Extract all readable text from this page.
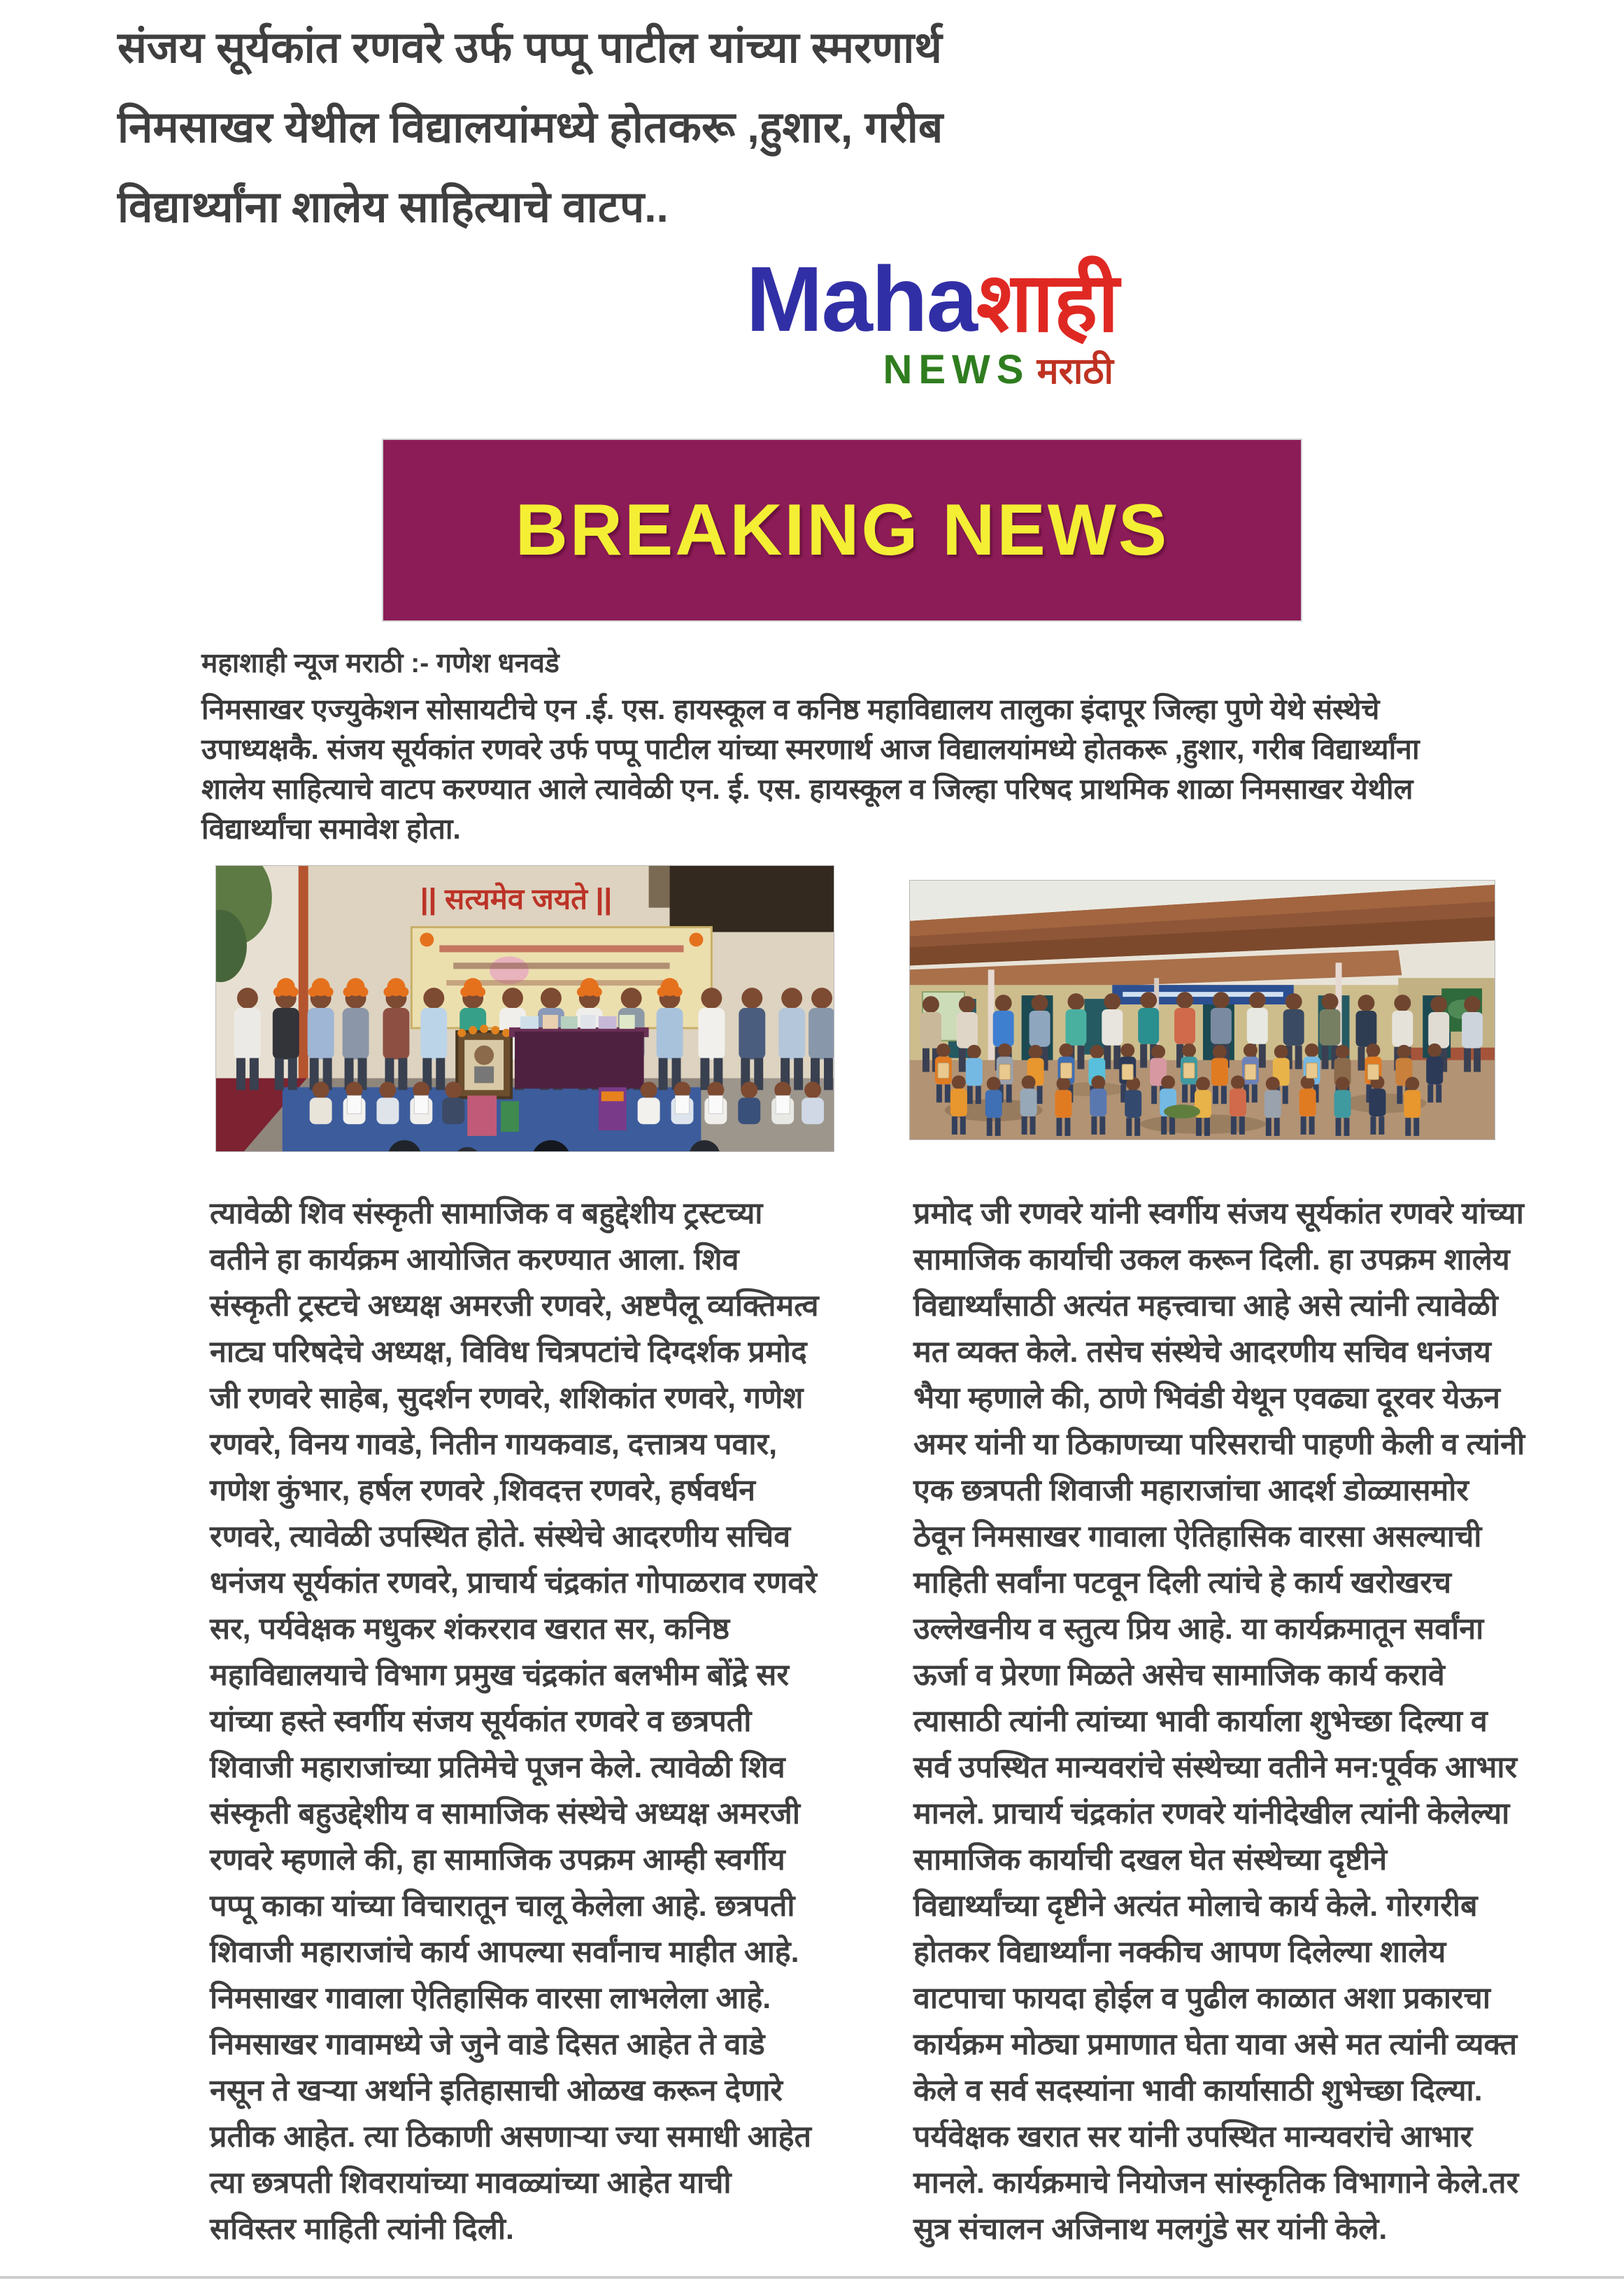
संजय सूर्यकांत रणवरे उर्फ पप्पू पाटील यांच्या स्मरणार्थ
निमसाखर येथील विद्यालयांमध्ये होतकरू ,हुशार, गरीब
विद्यार्थ्यांना शालेय साहित्याचे वाटप..
Mahaशाही
NEWS मराठी
BREAKING NEWS
महाशाही न्यूज मराठी :- गणेश धनवडे
निमसाखर एज्युकेशन सोसायटीचे एन .ई. एस. हायस्कूल व कनिष्ठ महाविद्यालय तालुका इंदापूर जिल्हा पुणे येथे संस्थेचे
उपाध्यक्षकै. संजय सूर्यकांत रणवरे उर्फ पप्पू पाटील यांच्या स्मरणार्थ आज विद्यालयांमध्ये होतकरू ,हुशार, गरीब विद्यार्थ्यांना
शालेय साहित्याचे वाटप करण्यात आले त्यावेळी एन. ई. एस. हायस्कूल व जिल्हा परिषद प्राथमिक शाळा निमसाखर येथील
विद्यार्थ्यांचा समावेश होता.
|| सत्यमेव जयते ||
त्यावेळी शिव संस्कृती सामाजिक व बहुद्देशीय ट्रस्टच्या
वतीने हा कार्यक्रम आयोजित करण्यात आला. शिव
संस्कृती ट्रस्टचे अध्यक्ष अमरजी रणवरे, अष्टपैलू व्यक्तिमत्व
नाट्य परिषदेचे अध्यक्ष, विविध चित्रपटांचे दिग्दर्शक प्रमोद
जी रणवरे साहेब, सुदर्शन रणवरे, शशिकांत रणवरे, गणेश
रणवरे, विनय गावडे, नितीन गायकवाड, दत्तात्रय पवार,
गणेश कुंभार, हर्षल रणवरे ,शिवदत्त रणवरे, हर्षवर्धन
रणवरे, त्यावेळी उपस्थित होते. संस्थेचे आदरणीय सचिव
धनंजय सूर्यकांत रणवरे, प्राचार्य चंद्रकांत गोपाळराव रणवरे
सर, पर्यवेक्षक मधुकर शंकरराव खरात सर, कनिष्ठ
महाविद्यालयाचे विभाग प्रमुख चंद्रकांत बलभीम बोंद्रे सर
यांच्या हस्ते स्वर्गीय संजय सूर्यकांत रणवरे व छत्रपती
शिवाजी महाराजांच्या प्रतिमेचे पूजन केले. त्यावेळी शिव
संस्कृती बहुउद्देशीय व सामाजिक संस्थेचे अध्यक्ष अमरजी
रणवरे म्हणाले की, हा सामाजिक उपक्रम आम्ही स्वर्गीय
पप्पू काका यांच्या विचारातून चालू केलेला आहे. छत्रपती
शिवाजी महाराजांचे कार्य आपल्या सर्वांनाच माहीत आहे.
निमसाखर गावाला ऐतिहासिक वारसा लाभलेला आहे.
निमसाखर गावामध्ये जे जुने वाडे दिसत आहेत ते वाडे
नसून ते खऱ्या अर्थाने इतिहासाची ओळख करून देणारे
प्रतीक आहेत. त्या ठिकाणी असणाऱ्या ज्या समाधी आहेत
त्या छत्रपती शिवरायांच्या मावळ्यांच्या आहेत याची
सविस्तर माहिती त्यांनी दिली.
प्रमोद जी रणवरे यांनी स्वर्गीय संजय सूर्यकांत रणवरे यांच्या
सामाजिक कार्याची उकल करून दिली. हा उपक्रम शालेय
विद्यार्थ्यांसाठी अत्यंत महत्त्वाचा आहे असे त्यांनी त्यावेळी
मत व्यक्त केले. तसेच संस्थेचे आदरणीय सचिव धनंजय
भैया म्हणाले की, ठाणे भिवंडी येथून एवढ्या दूरवर येऊन
अमर यांनी या ठिकाणच्या परिसराची पाहणी केली व त्यांनी
एक छत्रपती शिवाजी महाराजांचा आदर्श डोळ्यासमोर
ठेवून निमसाखर गावाला ऐतिहासिक वारसा असल्याची
माहिती सर्वांना पटवून दिली त्यांचे हे कार्य खरोखरच
उल्लेखनीय व स्तुत्य प्रिय आहे. या कार्यक्रमातून सर्वांना
ऊर्जा व प्रेरणा मिळते असेच सामाजिक कार्य करावे
त्यासाठी त्यांनी त्यांच्या भावी कार्याला शुभेच्छा दिल्या व
सर्व उपस्थित मान्यवरांचे संस्थेच्या वतीने मन:पूर्वक आभार
मानले. प्राचार्य चंद्रकांत रणवरे यांनीदेखील त्यांनी केलेल्या
सामाजिक कार्याची दखल घेत संस्थेच्या दृष्टीने
विद्यार्थ्यांच्या दृष्टीने अत्यंत मोलाचे कार्य केले. गोरगरीब
होतकर विद्यार्थ्यांना नक्कीच आपण दिलेल्या शालेय
वाटपाचा फायदा होईल व पुढील काळात अशा प्रकारचा
कार्यक्रम मोठ्या प्रमाणात घेता यावा असे मत त्यांनी व्यक्त
केले व सर्व सदस्यांना भावी कार्यासाठी शुभेच्छा दिल्या.
पर्यवेक्षक खरात सर यांनी उपस्थित मान्यवरांचे आभार
मानले. कार्यक्रमाचे नियोजन सांस्कृतिक विभागाने केले.तर
सुत्र संचालन अजिनाथ मलगुंडे सर यांनी केले.
